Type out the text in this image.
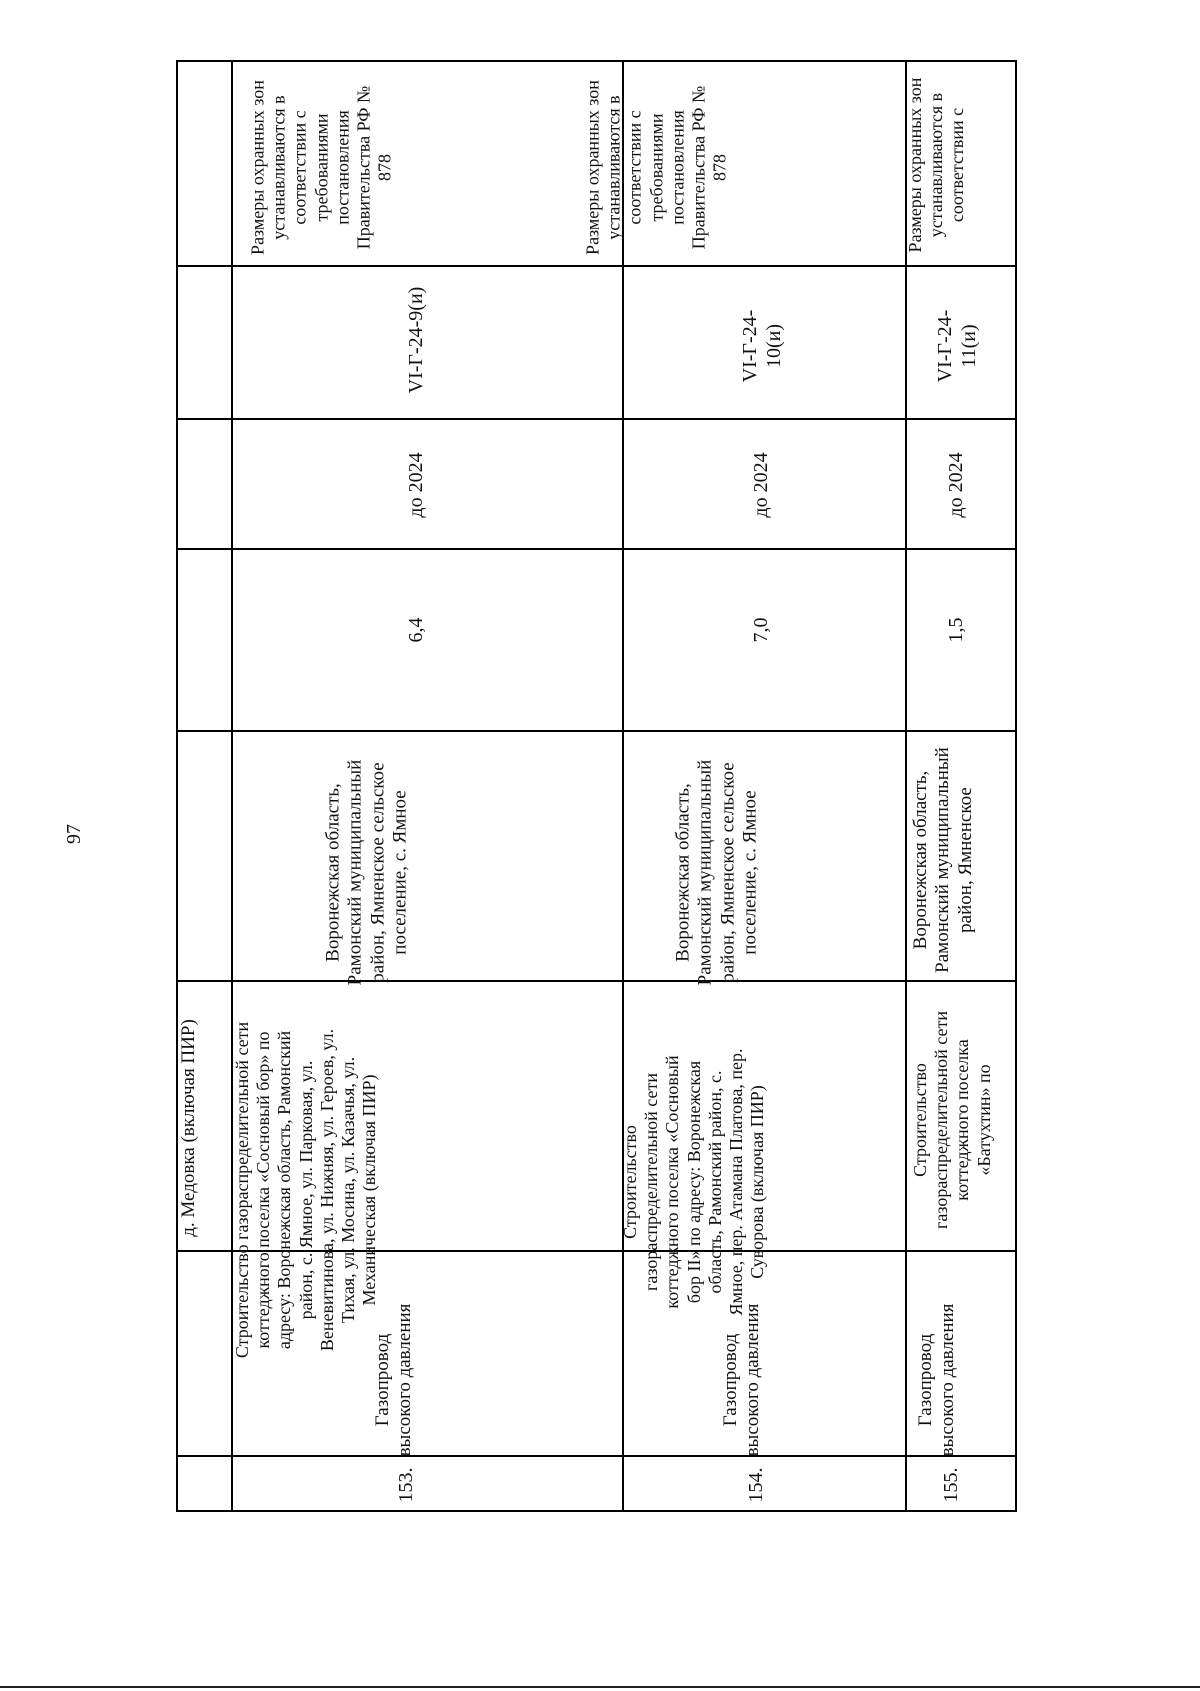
97
д. Медовка (включая ПИР)
153.
Газопровод высокого давления
Строительство газораспределительной сети коттеджного поселка «Сосновый бор» по адресу: Воронежская область, Рамонский район, с. Ямное, ул. Парковая, ул. Веневитинова, ул. Нижняя, ул. Героев, ул. Тихая, ул. Мосина, ул. Казачья, ул. Механическая (включая ПИР)
Воронежская область, Рамонский муниципальный район, Ямненское сельское поселение, с. Ямное
6,4
до 2024
VI-Г-24-9(и)
Размеры охранных зон устанавливаются в соответствии с требованиями постановления Правительства РФ № 878
154.
Газопровод высокого давления
Строительство газораспределительной сети коттеджного поселка «Сосновый бор II» по адресу: Воронежская область, Рамонский район, с. Ямное, пер. Атамана Платова, пер. Суворова (включая ПИР)
Воронежская область, Рамонский муниципальный район, Ямненское сельское поселение, с. Ямное
7,0
до 2024
VI-Г-24-10(и)
Размеры охранных зон устанавливаются в соответствии с требованиями постановления Правительства РФ № 878
155.
Газопровод высокого давления
Строительство газораспределительной сети коттеджного поселка «Батухтин» по
Воронежская область, Рамонский муниципальный район, Ямненское
1,5
до 2024
VI-Г-24-11(и)
Размеры охранных зон устанавливаются в соответствии с
